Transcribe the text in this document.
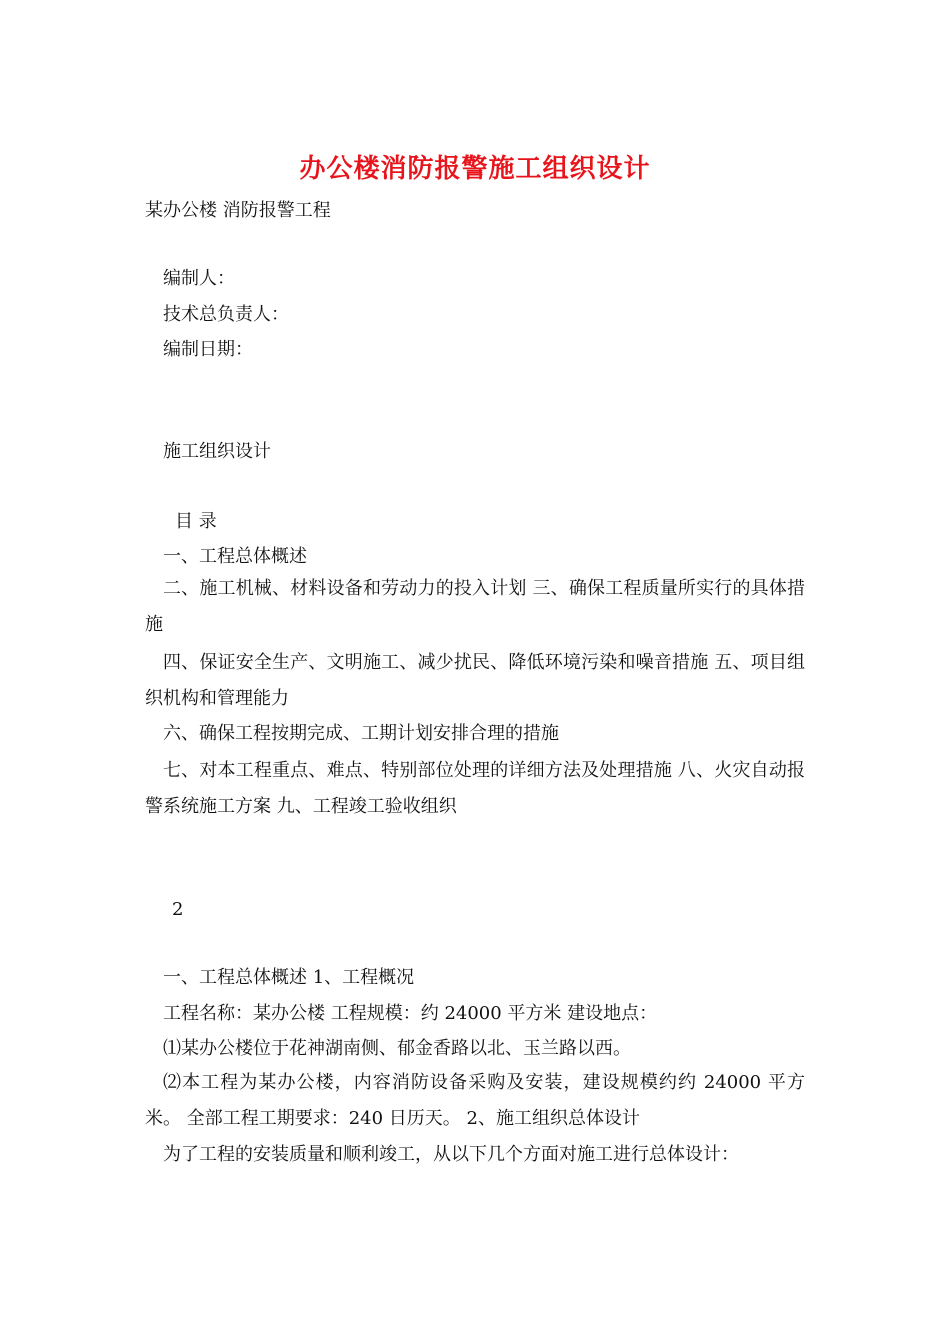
办公楼消防报警施工组织设计
某办公楼 消防报警工程
编制人：
技术总负责人：
编制日期：
施工组织设计
目 录
一、工程总体概述
二、施工机械、材料设备和劳动力的投入计划 三、确保工程质量所实行的具体措施
四、保证安全生产、文明施工、减少扰民、降低环境污染和噪音措施 五、项目组织机构和管理能力
六、确保工程按期完成、工期计划安排合理的措施
七、对本工程重点、难点、特别部位处理的详细方法及处理措施 八、火灾自动报警系统施工方案 九、工程竣工验收组织
2
一、工程总体概述 1、工程概况
工程名称：某办公楼 工程规模：约 24000 平方米 建设地点：
⑴某办公楼位于花神湖南侧、郁金香路以北、玉兰路以西。
⑵本工程为某办公楼，内容消防设备采购及安装，建设规模约约 24000 平方米。 全部工程工期要求：240 日历天。 2、施工组织总体设计
为了工程的安装质量和顺利竣工，从以下几个方面对施工进行总体设计：
